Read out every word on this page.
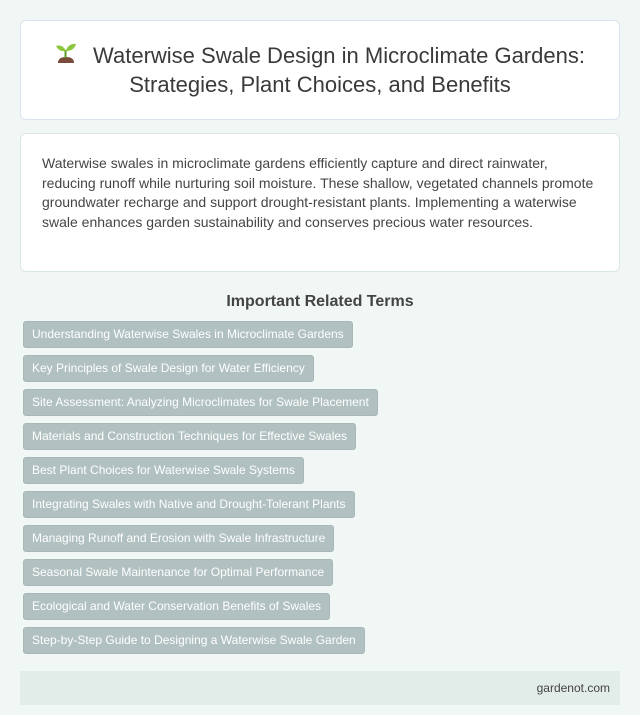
Waterwise Swale Design in Microclimate Gardens: Strategies, Plant Choices, and Benefits

Waterwise swales in microclimate gardens efficiently capture and direct rainwater, reducing runoff while nurturing soil moisture. These shallow, vegetated channels promote groundwater recharge and support drought-resistant plants. Implementing a waterwise swale enhances garden sustainability and conserves precious water resources.

Important Related Terms
Understanding Waterwise Swales in Microclimate Gardens
Key Principles of Swale Design for Water Efficiency
Site Assessment: Analyzing Microclimates for Swale Placement
Materials and Construction Techniques for Effective Swales
Best Plant Choices for Waterwise Swale Systems
Integrating Swales with Native and Drought-Tolerant Plants
Managing Runoff and Erosion with Swale Infrastructure
Seasonal Swale Maintenance for Optimal Performance
Ecological and Water Conservation Benefits of Swales
Step-by-Step Guide to Designing a Waterwise Swale Garden
gardenot.com
